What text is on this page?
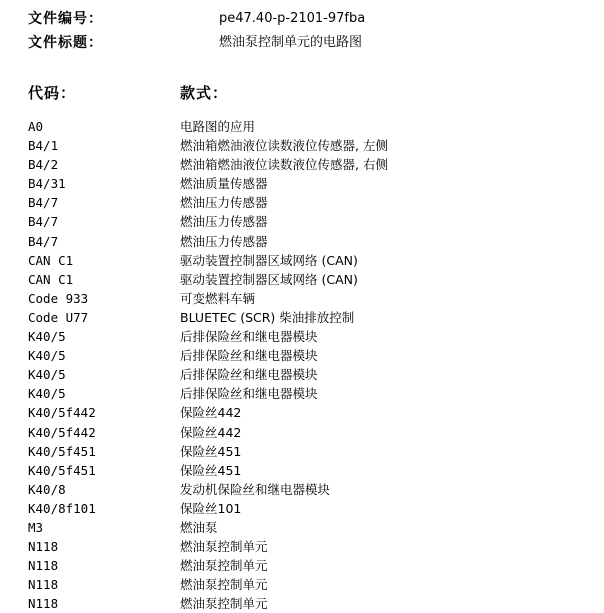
文件编号：	pe47.40-p-2101-97fba
文件标题：	燃油泵控制单元的电路图
代码：	款式：
A0	电路图的应用
B4/1	燃油箱燃油液位读数液位传感器, 左侧
B4/2	燃油箱燃油液位读数液位传感器, 右侧
B4/31	燃油质量传感器
B4/7	燃油压力传感器
B4/7	燃油压力传感器
B4/7	燃油压力传感器
CAN C1	驱动装置控制器区域网络 (CAN)
CAN C1	驱动装置控制器区域网络 (CAN)
Code 933	可变燃料车辆
Code U77	BLUETEC (SCR) 柴油排放控制
K40/5	后排保险丝和继电器模块
K40/5	后排保险丝和继电器模块
K40/5	后排保险丝和继电器模块
K40/5	后排保险丝和继电器模块
K40/5f442	保险丝442
K40/5f442	保险丝442
K40/5f451	保险丝451
K40/5f451	保险丝451
K40/8	发动机保险丝和继电器模块
K40/8f101	保险丝101
M3	燃油泵
N118	燃油泵控制单元
N118	燃油泵控制单元
N118	燃油泵控制单元
N118	燃油泵控制单元
